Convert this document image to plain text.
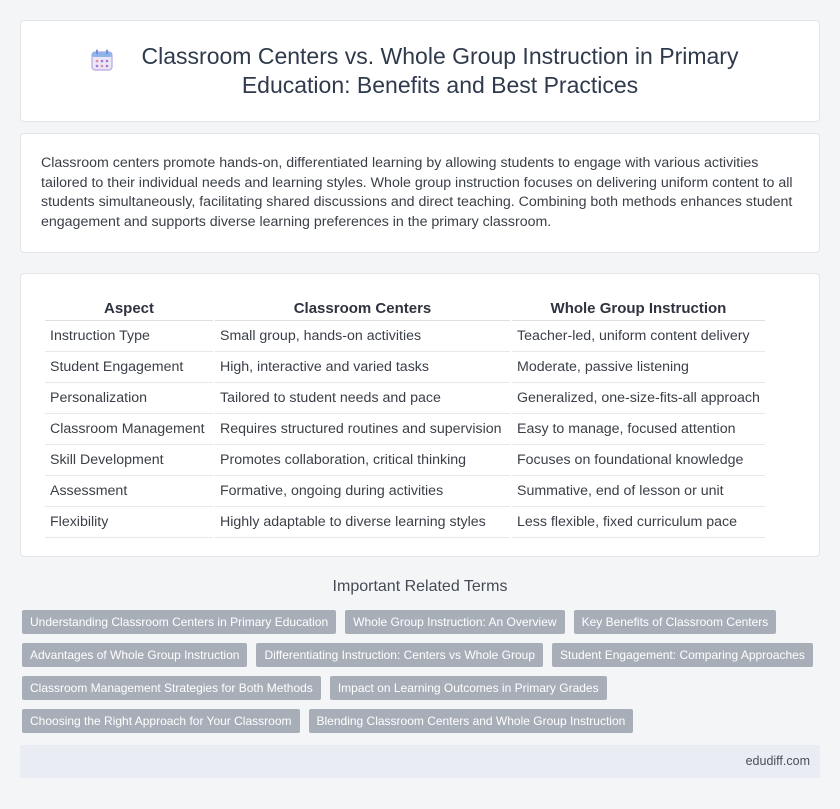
Classroom Centers vs. Whole Group Instruction in Primary Education: Benefits and Best Practices

Classroom centers promote hands-on, differentiated learning by allowing students to engage with various activities tailored to their individual needs and learning styles. Whole group instruction focuses on delivering uniform content to all students simultaneously, facilitating shared discussions and direct teaching. Combining both methods enhances student engagement and supports diverse learning preferences in the primary classroom.

Aspect	Classroom Centers	Whole Group Instruction
Instruction Type	Small group, hands-on activities	Teacher-led, uniform content delivery
Student Engagement	High, interactive and varied tasks	Moderate, passive listening
Personalization	Tailored to student needs and pace	Generalized, one-size-fits-all approach
Classroom Management	Requires structured routines and supervision	Easy to manage, focused attention
Skill Development	Promotes collaboration, critical thinking	Focuses on foundational knowledge
Assessment	Formative, ongoing during activities	Summative, end of lesson or unit
Flexibility	Highly adaptable to diverse learning styles	Less flexible, fixed curriculum pace
Important Related Terms
Understanding Classroom Centers in Primary Education	Whole Group Instruction: An Overview	Key Benefits of Classroom Centers
Advantages of Whole Group Instruction	Differentiating Instruction: Centers vs Whole Group	Student Engagement: Comparing Approaches
Classroom Management Strategies for Both Methods	Impact on Learning Outcomes in Primary Grades
Choosing the Right Approach for Your Classroom	Blending Classroom Centers and Whole Group Instruction
edudiff.com
